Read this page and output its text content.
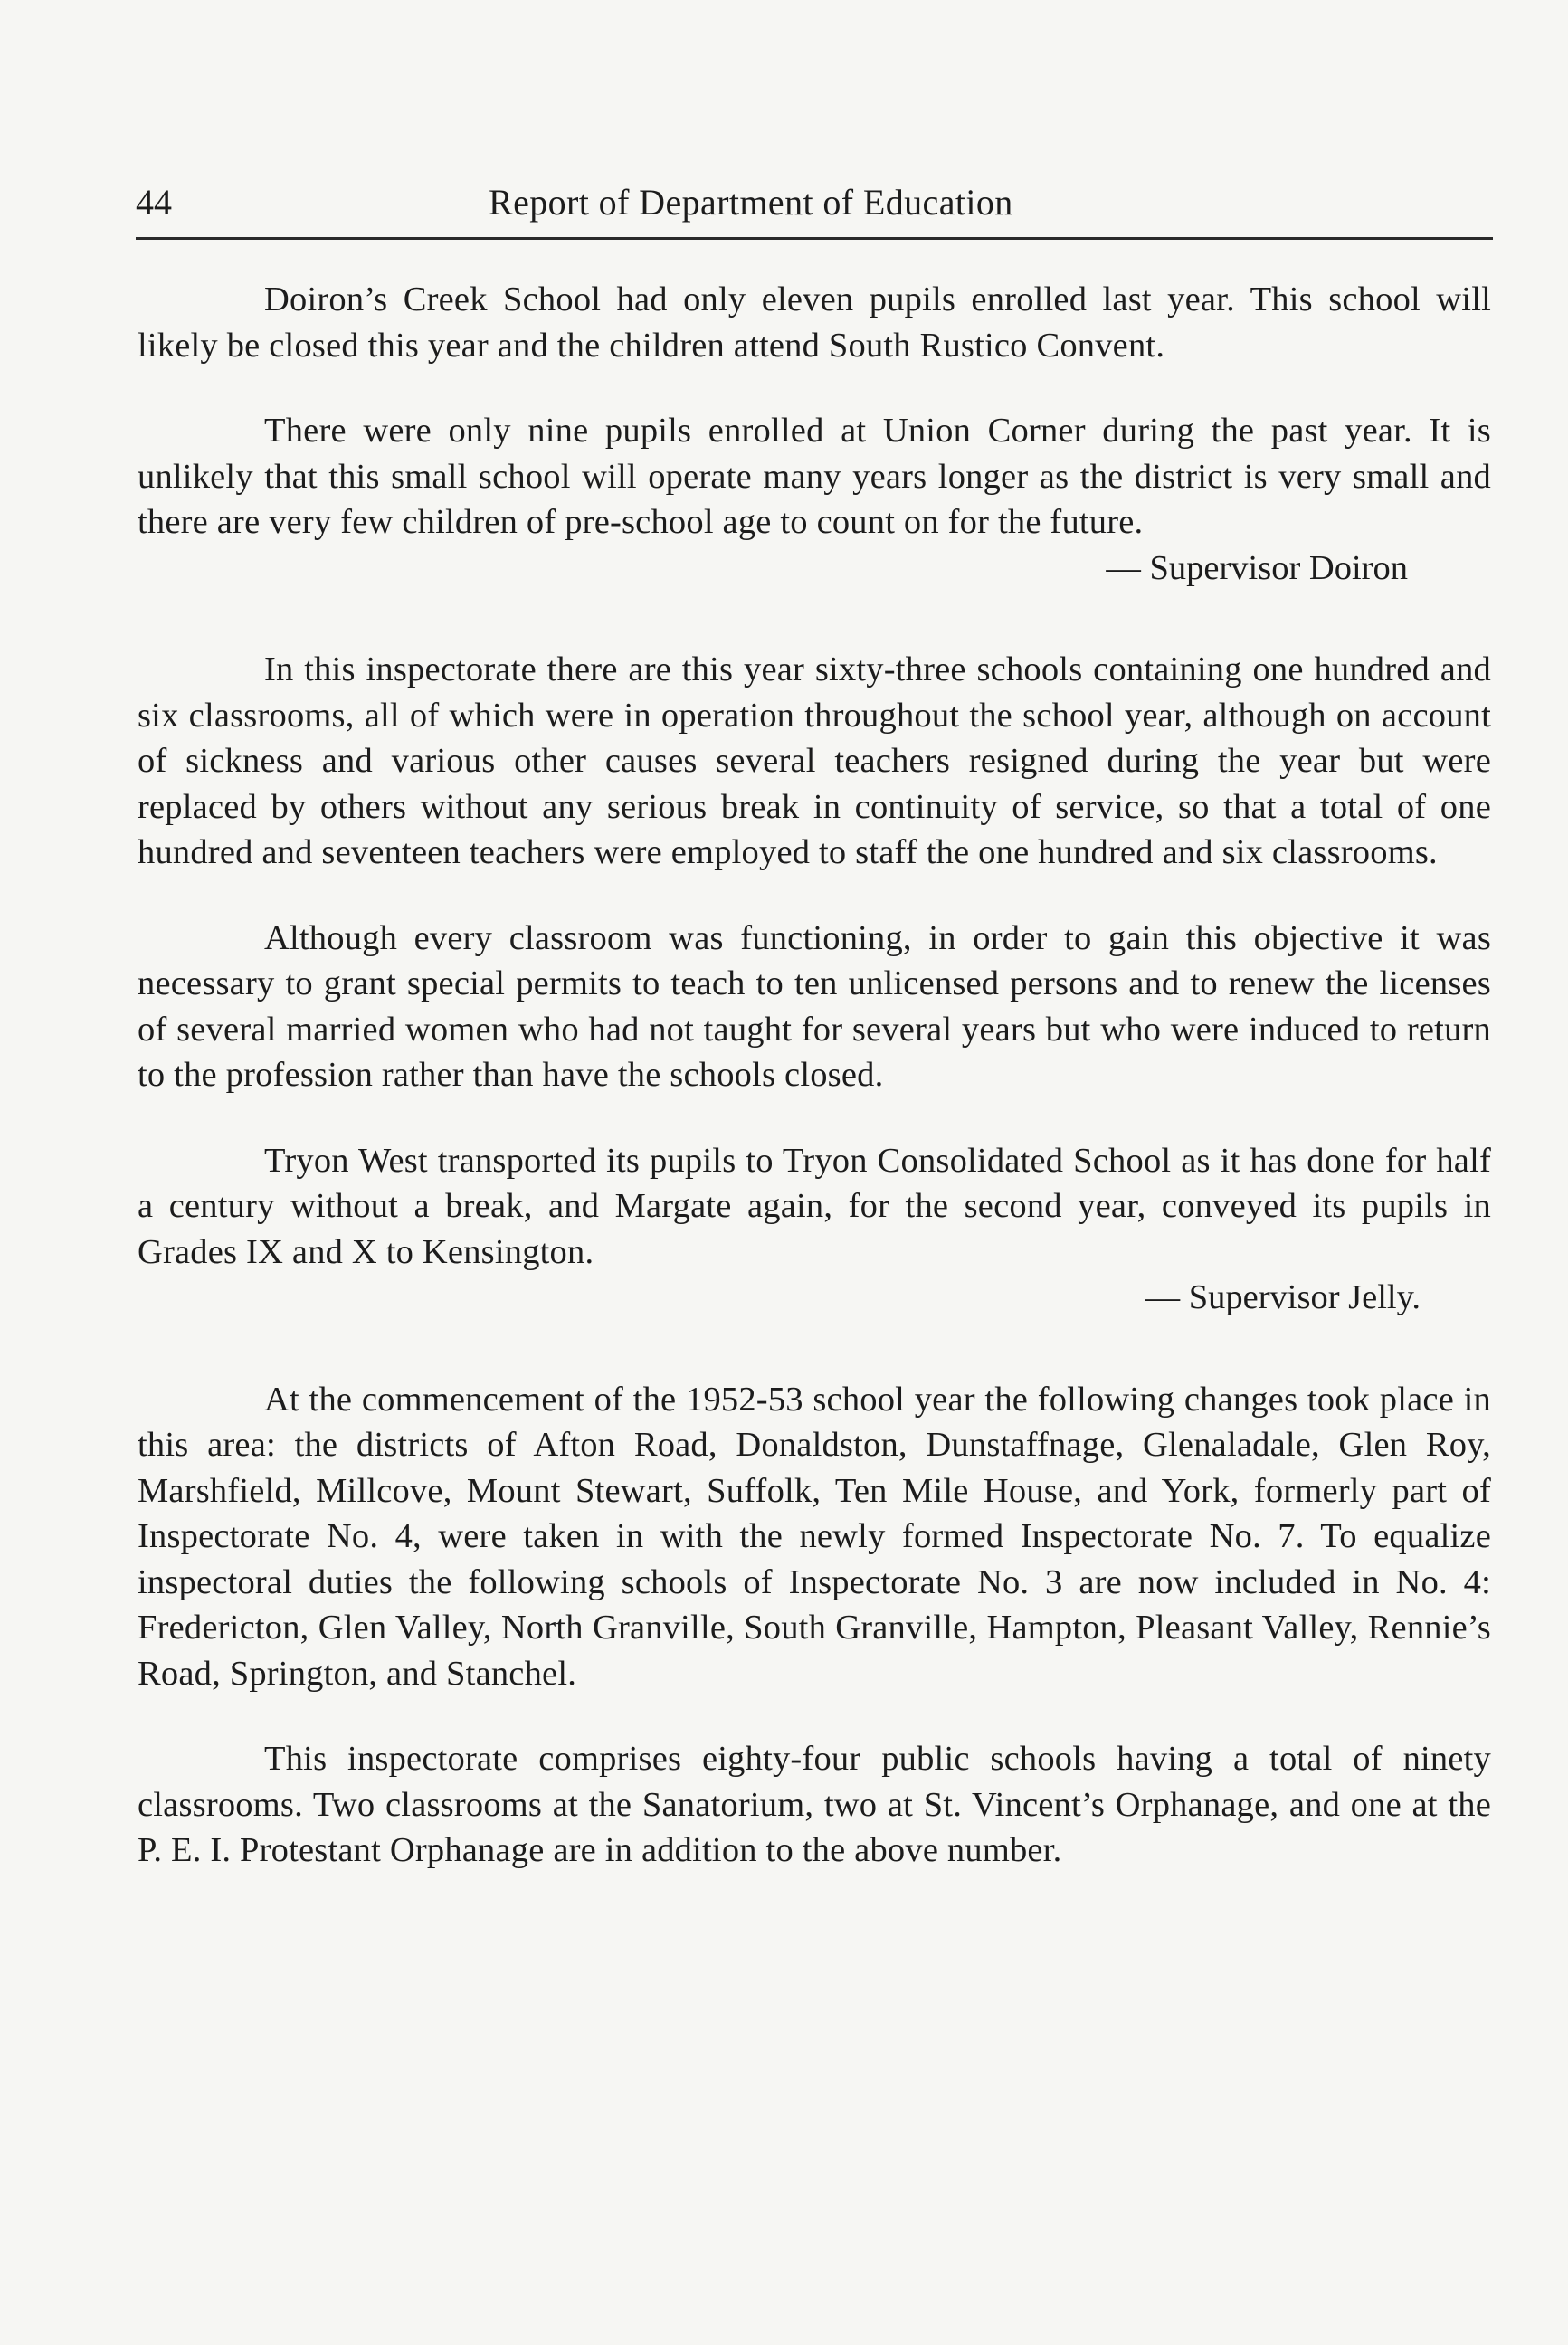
44	Report of Department of Education

Doiron’s Creek School had only eleven pupils enrolled last year. This school will likely be closed this year and the children attend South Rustico Convent.

There were only nine pupils enrolled at Union Corner during the past year. It is unlikely that this small school will operate many years longer as the district is very small and there are very few children of pre-school age to count on for the future.

— Supervisor Doiron

In this inspectorate there are this year sixty-three schools containing one hundred and six classrooms, all of which were in operation throughout the school year, although on account of sickness and various other causes several teachers resigned during the year but were replaced by others without any serious break in continuity of service, so that a total of one hundred and seventeen teachers were employed to staff the one hundred and six classrooms.

Although every classroom was functioning, in order to gain this objective it was necessary to grant special permits to teach to ten unlicensed persons and to renew the licenses of several married women who had not taught for several years but who were induced to return to the profession rather than have the schools closed.

Tryon West transported its pupils to Tryon Consolidated School as it has done for half a century without a break, and Margate again, for the second year, conveyed its pupils in Grades IX and X to Kensington.

— Supervisor Jelly.

At the commencement of the 1952-53 school year the following changes took place in this area: the districts of Afton Road, Donaldston, Dunstaffnage, Glenaladale, Glen Roy, Marshfield, Millcove, Mount Stewart, Suffolk, Ten Mile House, and York, formerly part of Inspectorate No. 4, were taken in with the newly formed Inspectorate No. 7. To equalize inspectoral duties the following schools of Inspectorate No. 3 are now included in No. 4: Fredericton, Glen Valley, North Granville, South Granville, Hampton, Pleasant Valley, Rennie’s Road, Springton, and Stanchel.

This inspectorate comprises eighty-four public schools having a total of ninety classrooms. Two classrooms at the Sanatorium, two at St. Vincent’s Orphanage, and one at the P. E. I. Protestant Orphanage are in addition to the above number.
